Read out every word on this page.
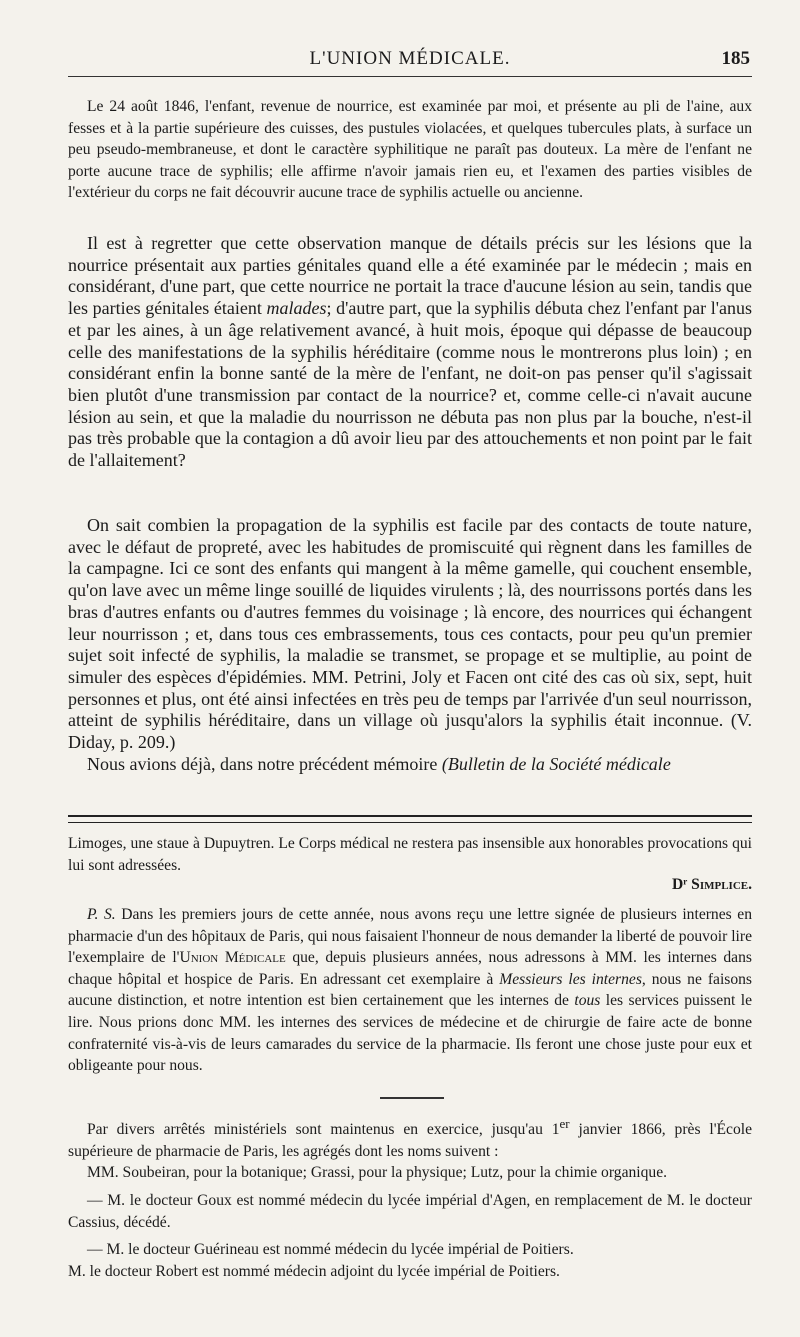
L'UNION MÉDICALE.	185

Le 24 août 1846, l'enfant, revenue de nourrice, est examinée par moi, et présente au pli de l'aine, aux fesses et à la partie supérieure des cuisses, des pustules violacées, et quelques tubercules plats, à surface un peu pseudo-membraneuse, et dont le caractère syphilitique ne paraît pas douteux. La mère de l'enfant ne porte aucune trace de syphilis; elle affirme n'avoir jamais rien eu, et l'examen des parties visibles de l'extérieur du corps ne fait découvrir aucune trace de syphilis actuelle ou ancienne.

Il est à regretter que cette observation manque de détails précis sur les lésions que la nourrice présentait aux parties génitales quand elle a été examinée par le médecin ; mais en considérant, d'une part, que cette nourrice ne portait la trace d'aucune lésion au sein, tandis que les parties génitales étaient malades; d'autre part, que la syphilis débuta chez l'enfant par l'anus et par les aines, à un âge relativement avancé, à huit mois, époque qui dépasse de beaucoup celle des manifestations de la syphilis héréditaire (comme nous le montrerons plus loin) ; en considérant enfin la bonne santé de la mère de l'enfant, ne doit-on pas penser qu'il s'agissait bien plutôt d'une transmission par contact de la nourrice? et, comme celle-ci n'avait aucune lésion au sein, et que la maladie du nourrisson ne débuta pas non plus par la bouche, n'est-il pas très probable que la contagion a dû avoir lieu par des attouchements et non point par le fait de l'allaitement?

On sait combien la propagation de la syphilis est facile par des contacts de toute nature, avec le défaut de propreté, avec les habitudes de promiscuité qui règnent dans les familles de la campagne. Ici ce sont des enfants qui mangent à la même gamelle, qui couchent ensemble, qu'on lave avec un même linge souillé de liquides virulents ; là, des nourrissons portés dans les bras d'autres enfants ou d'autres femmes du voisinage ; là encore, des nourrices qui échangent leur nourrisson ; et, dans tous ces embrassements, tous ces contacts, pour peu qu'un premier sujet soit infecté de syphilis, la maladie se transmet, se propage et se multiplie, au point de simuler des espèces d'épidémies. MM. Petrini, Joly et Facen ont cité des cas où six, sept, huit personnes et plus, ont été ainsi infectées en très peu de temps par l'arrivée d'un seul nourrisson, atteint de syphilis héréditaire, dans un village où jusqu'alors la syphilis était inconnue. (V. Diday, p. 209.)

Nous avions déjà, dans notre précédent mémoire (Bulletin de la Société médicale

Limoges, une staue à Dupuytren. Le Corps médical ne restera pas insensible aux honorables provocations qui lui sont adressées.

Dʳ Simplice.

P. S. Dans les premiers jours de cette année, nous avons reçu une lettre signée de plusieurs internes en pharmacie d'un des hôpitaux de Paris, qui nous faisaient l'honneur de nous demander la liberté de pouvoir lire l'exemplaire de l'Union Médicale que, depuis plusieurs années, nous adressons à MM. les internes dans chaque hôpital et hospice de Paris. En adressant cet exemplaire à Messieurs les internes, nous ne faisons aucune distinction, et notre intention est bien certainement que les internes de tous les services puissent le lire. Nous prions donc MM. les internes des services de médecine et de chirurgie de faire acte de bonne confraternité vis-à-vis de leurs camarades du service de la pharmacie. Ils feront une chose juste pour eux et obligeante pour nous.

Par divers arrêtés ministériels sont maintenus en exercice, jusqu'au 1er janvier 1866, près l'École supérieure de pharmacie de Paris, les agrégés dont les noms suivent :

MM. Soubeiran, pour la botanique; Grassi, pour la physique; Lutz, pour la chimie organique.

— M. le docteur Goux est nommé médecin du lycée impérial d'Agen, en remplacement de M. le docteur Cassius, décédé.

— M. le docteur Guérineau est nommé médecin du lycée impérial de Poitiers.

M. le docteur Robert est nommé médecin adjoint du lycée impérial de Poitiers.
